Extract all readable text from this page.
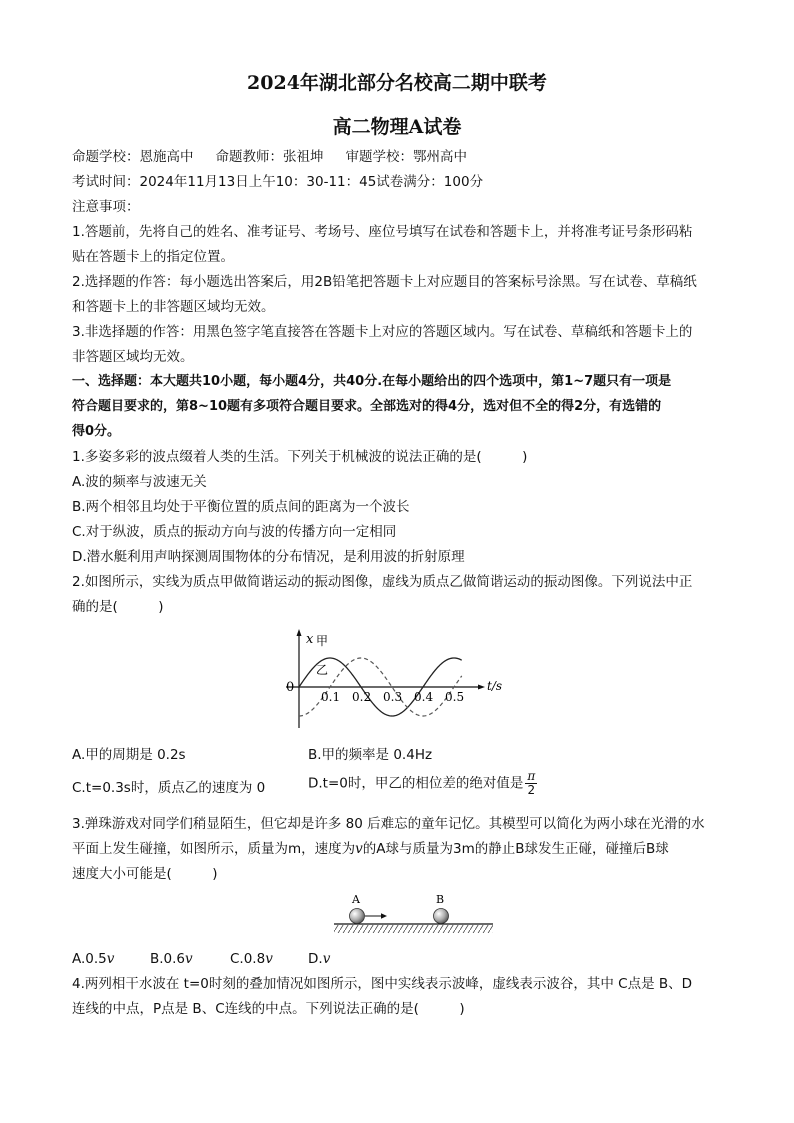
2024年湖北部分名校高二期中联考
高二物理A试卷
命题学校：恩施高中 命题教师：张祖坤 审题学校：鄂州高中
考试时间：2024年11月13日上午10：30-11：45试卷满分：100分
注意事项：
1.答题前，先将自己的姓名、准考证号、考场号、座位号填写在试卷和答题卡上，并将准考证号条形码粘
贴在答题卡上的指定位置。
2.选择题的作答：每小题选出答案后，用2B铅笔把答题卡上对应题目的答案标号涂黑。写在试卷、草稿纸
和答题卡上的非答题区域均无效。
3.非选择题的作答：用黑色签字笔直接答在答题卡上对应的答题区域内。写在试卷、草稿纸和答题卡上的
非答题区域均无效。
一、选择题：本大题共10小题，每小题4分，共40分.在每小题给出的四个选项中，第1~7题只有一项是
符合题目要求的，第8~10题有多项符合题目要求。全部选对的得4分，选对但不全的得2分，有选错的
得0分。
1.多姿多彩的波点缀着人类的生活。下列关于机械波的说法正确的是(　　　)
A.波的频率与波速无关
B.两个相邻且均处于平衡位置的质点间的距离为一个波长
C.对于纵波，质点的振动方向与波的传播方向一定相同
D.潜水艇利用声呐探测周围物体的分布情况，是利用波的折射原理
2.如图所示，实线为质点甲做简谐运动的振动图像，虚线为质点乙做简谐运动的振动图像。下列说法中正
确的是(　　　)
x 甲
乙
0	t/s
0.1 0.2 0.3 0.4 0.5
A.甲的周期是 0.2s	B.甲的频率是 0.4Hz
C.t=0.3s时，质点乙的速度为 0	D.t=0时，甲乙的相位差的绝对值是 $\frac{\pi}{2}$
3.弹珠游戏对同学们稍显陌生，但它却是许多 80 后难忘的童年记忆。其模型可以简化为两小球在光滑的水
平面上发生碰撞，如图所示，质量为m，速度为v的A球与质量为3m的静止B球发生正碰，碰撞后B球
速度大小可能是(　　　)
A	B
A.0.5v	B.0.6v	C.0.8v	D.v
4.两列相干水波在 t=0时刻的叠加情况如图所示，图中实线表示波峰，虚线表示波谷，其中 C点是 B、D
连线的中点，P点是 B、C连线的中点。下列说法正确的是(　　　)
